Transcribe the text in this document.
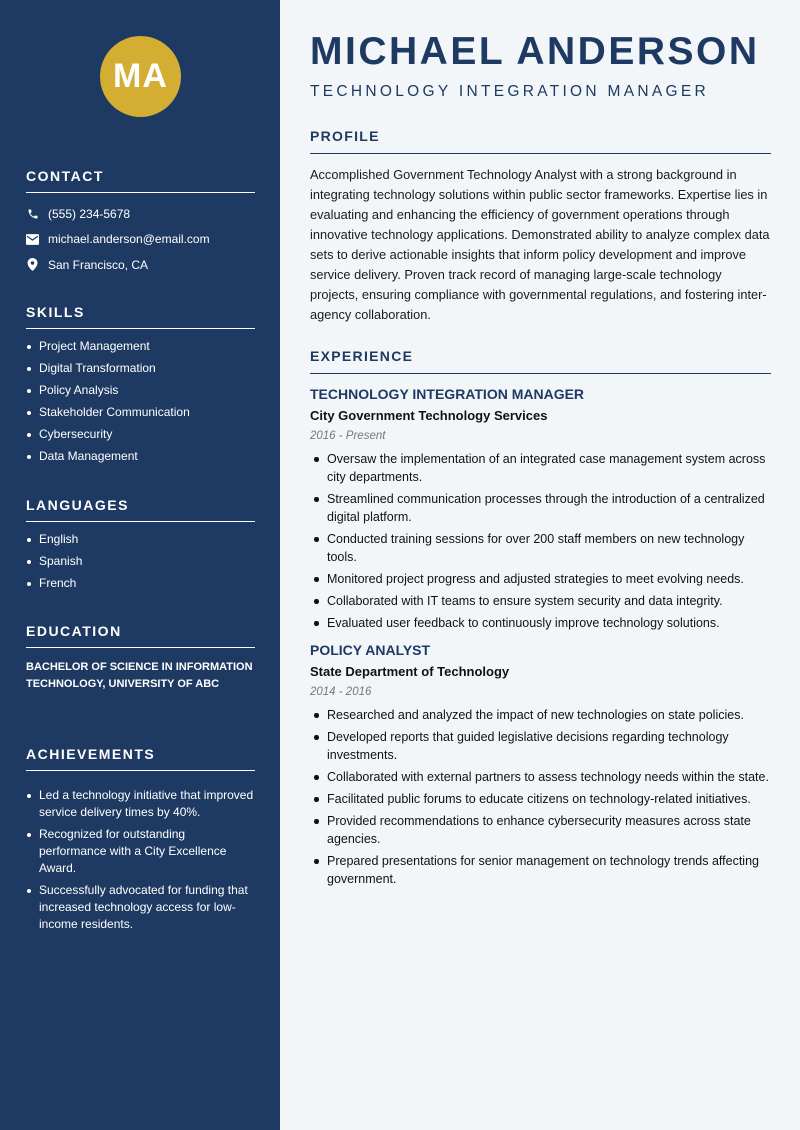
MA
CONTACT
(555) 234-5678
michael.anderson@email.com
San Francisco, CA
SKILLS
Project Management
Digital Transformation
Policy Analysis
Stakeholder Communication
Cybersecurity
Data Management
LANGUAGES
English
Spanish
French
EDUCATION
BACHELOR OF SCIENCE IN INFORMATION TECHNOLOGY, UNIVERSITY OF ABC
ACHIEVEMENTS
Led a technology initiative that improved service delivery times by 40%.
Recognized for outstanding performance with a City Excellence Award.
Successfully advocated for funding that increased technology access for low-income residents.
MICHAEL ANDERSON
TECHNOLOGY INTEGRATION MANAGER
PROFILE

Accomplished Government Technology Analyst with a strong background in integrating technology solutions within public sector frameworks. Expertise lies in evaluating and enhancing the efficiency of government operations through innovative technology applications. Demonstrated ability to analyze complex data sets to derive actionable insights that inform policy development and improve service delivery. Proven track record of managing large-scale technology projects, ensuring compliance with governmental regulations, and fostering inter-agency collaboration.

EXPERIENCE
TECHNOLOGY INTEGRATION MANAGER
City Government Technology Services
2016 - Present
Oversaw the implementation of an integrated case management system across city departments.
Streamlined communication processes through the introduction of a centralized digital platform.
Conducted training sessions for over 200 staff members on new technology tools.
Monitored project progress and adjusted strategies to meet evolving needs.
Collaborated with IT teams to ensure system security and data integrity.
Evaluated user feedback to continuously improve technology solutions.
POLICY ANALYST
State Department of Technology
2014 - 2016
Researched and analyzed the impact of new technologies on state policies.
Developed reports that guided legislative decisions regarding technology investments.
Collaborated with external partners to assess technology needs within the state.
Facilitated public forums to educate citizens on technology-related initiatives.
Provided recommendations to enhance cybersecurity measures across state agencies.
Prepared presentations for senior management on technology trends affecting government.
